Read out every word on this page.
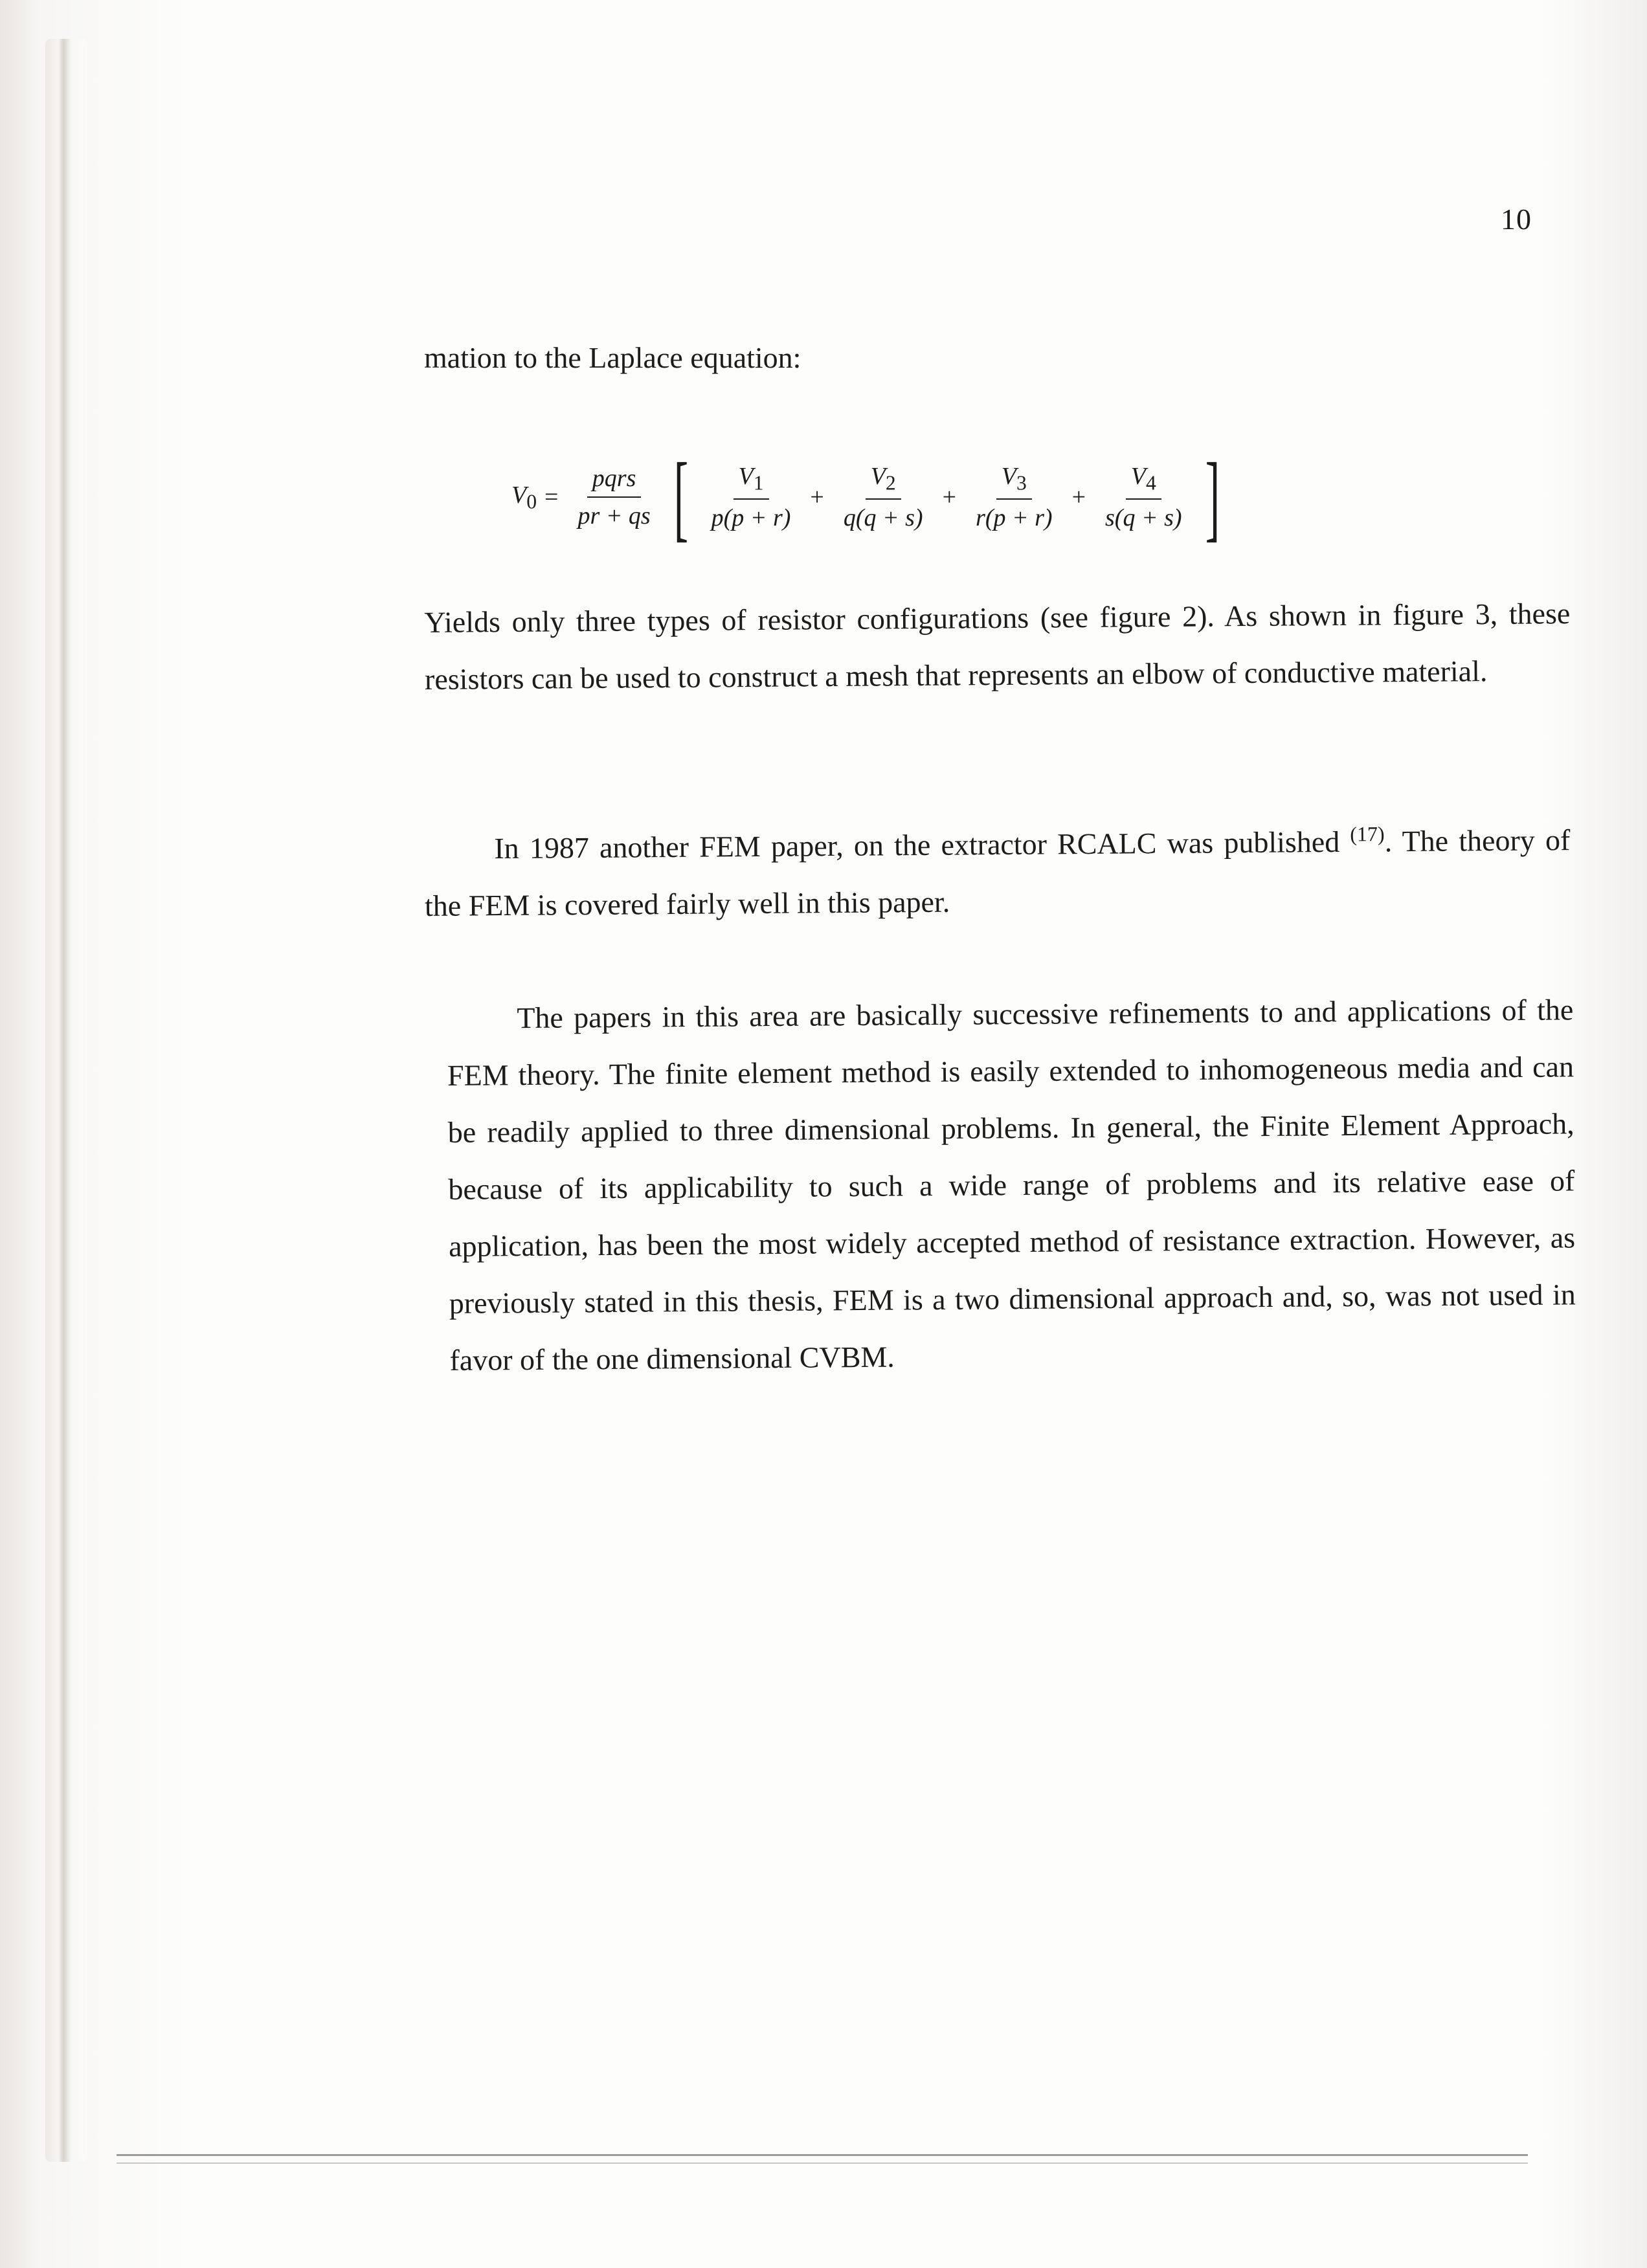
10
mation to the Laplace equation:
$V_0 = \frac{\text{pqrs}}{pr + qs}$ [ $\frac{V_1}{p(p + r)} + \frac{V_2}{q(q + s)} + \frac{V_3}{r(p + r)} + \frac{V_4}{s(q + s)}$ ]

Yields only three types of resistor configurations (see figure 2). As shown in figure 3, these resistors can be used to construct a mesh that represents an elbow of conductive material.

In 1987 another FEM paper, on the extractor RCALC was published $^{(17)}$. The theory of the FEM is covered fairly well in this paper.

The papers in this area are basically successive refinements to and applications of the FEM theory. The finite element method is easily extended to inhomogeneous media and can be readily applied to three dimensional problems. In general, the Finite Element Approach, because of its applicability to such a wide range of problems and its relative ease of application, has been the most widely accepted method of resistance extraction. However, as previously stated in this thesis, FEM is a two dimensional approach and, so, was not used in favor of the one dimensional CVBM.
